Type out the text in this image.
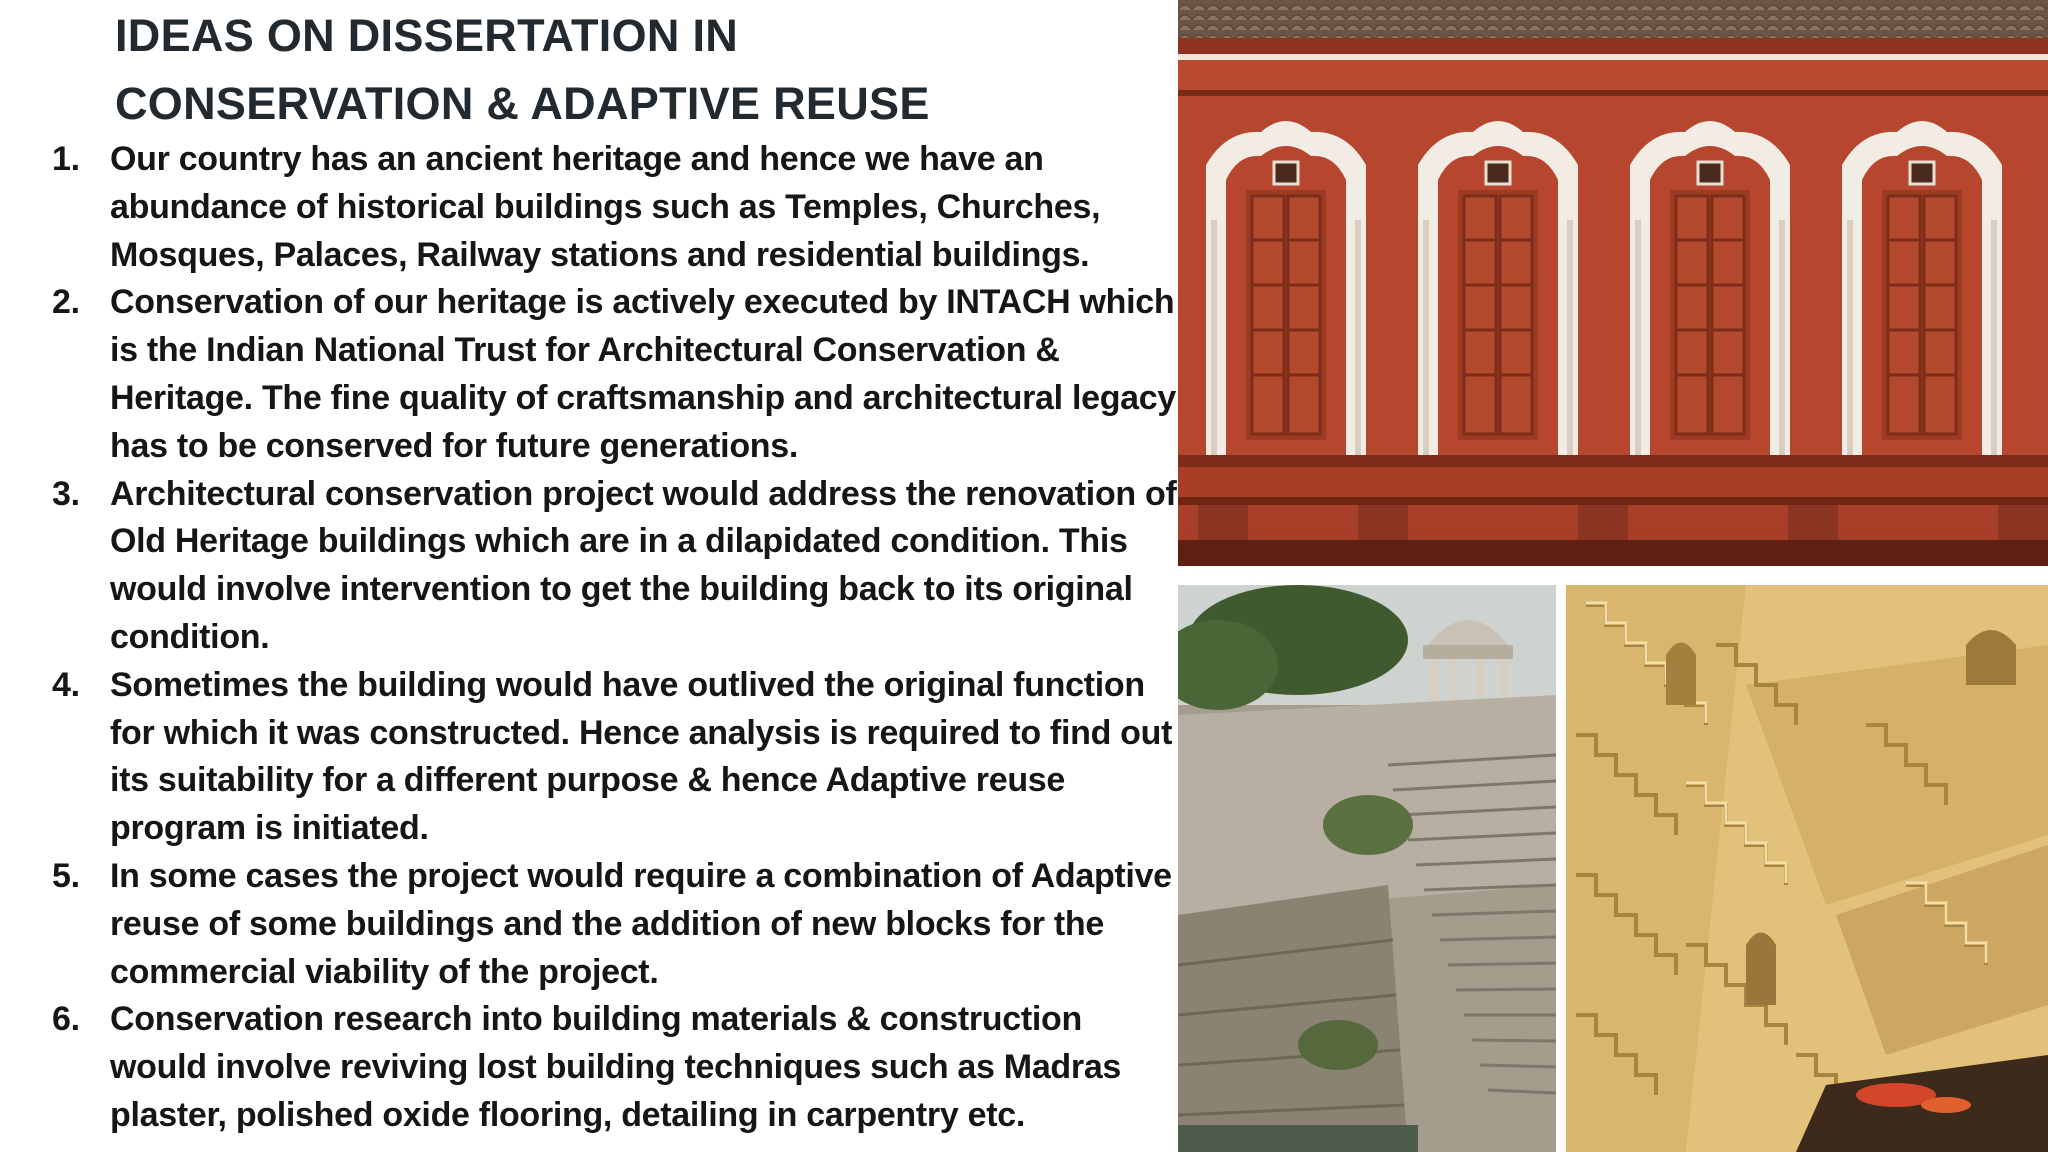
IDEAS ON DISSERTATION IN
CONSERVATION & ADAPTIVE REUSE
1. Our country has an ancient heritage and hence we have an abundance of historical buildings such as Temples, Churches, Mosques, Palaces, Railway stations and residential buildings.
2. Conservation of our heritage is actively executed by INTACH which is the Indian National Trust for Architectural Conservation & Heritage. The fine quality of craftsmanship and architectural legacy has to be conserved for future generations.
3. Architectural conservation project would address the renovation of Old Heritage buildings which are in a dilapidated condition. This would involve intervention to get the building back to its original condition.
4. Sometimes the building would have outlived the original function for which it was constructed. Hence analysis is required to find out its suitability for a different purpose & hence Adaptive reuse program is initiated.
5. In some cases the project would require a combination of Adaptive reuse of some buildings and the addition of new blocks for the commercial viability of the project.
6. Conservation research into building materials & construction would involve reviving lost building techniques such as Madras plaster, polished oxide flooring, detailing in carpentry etc.
